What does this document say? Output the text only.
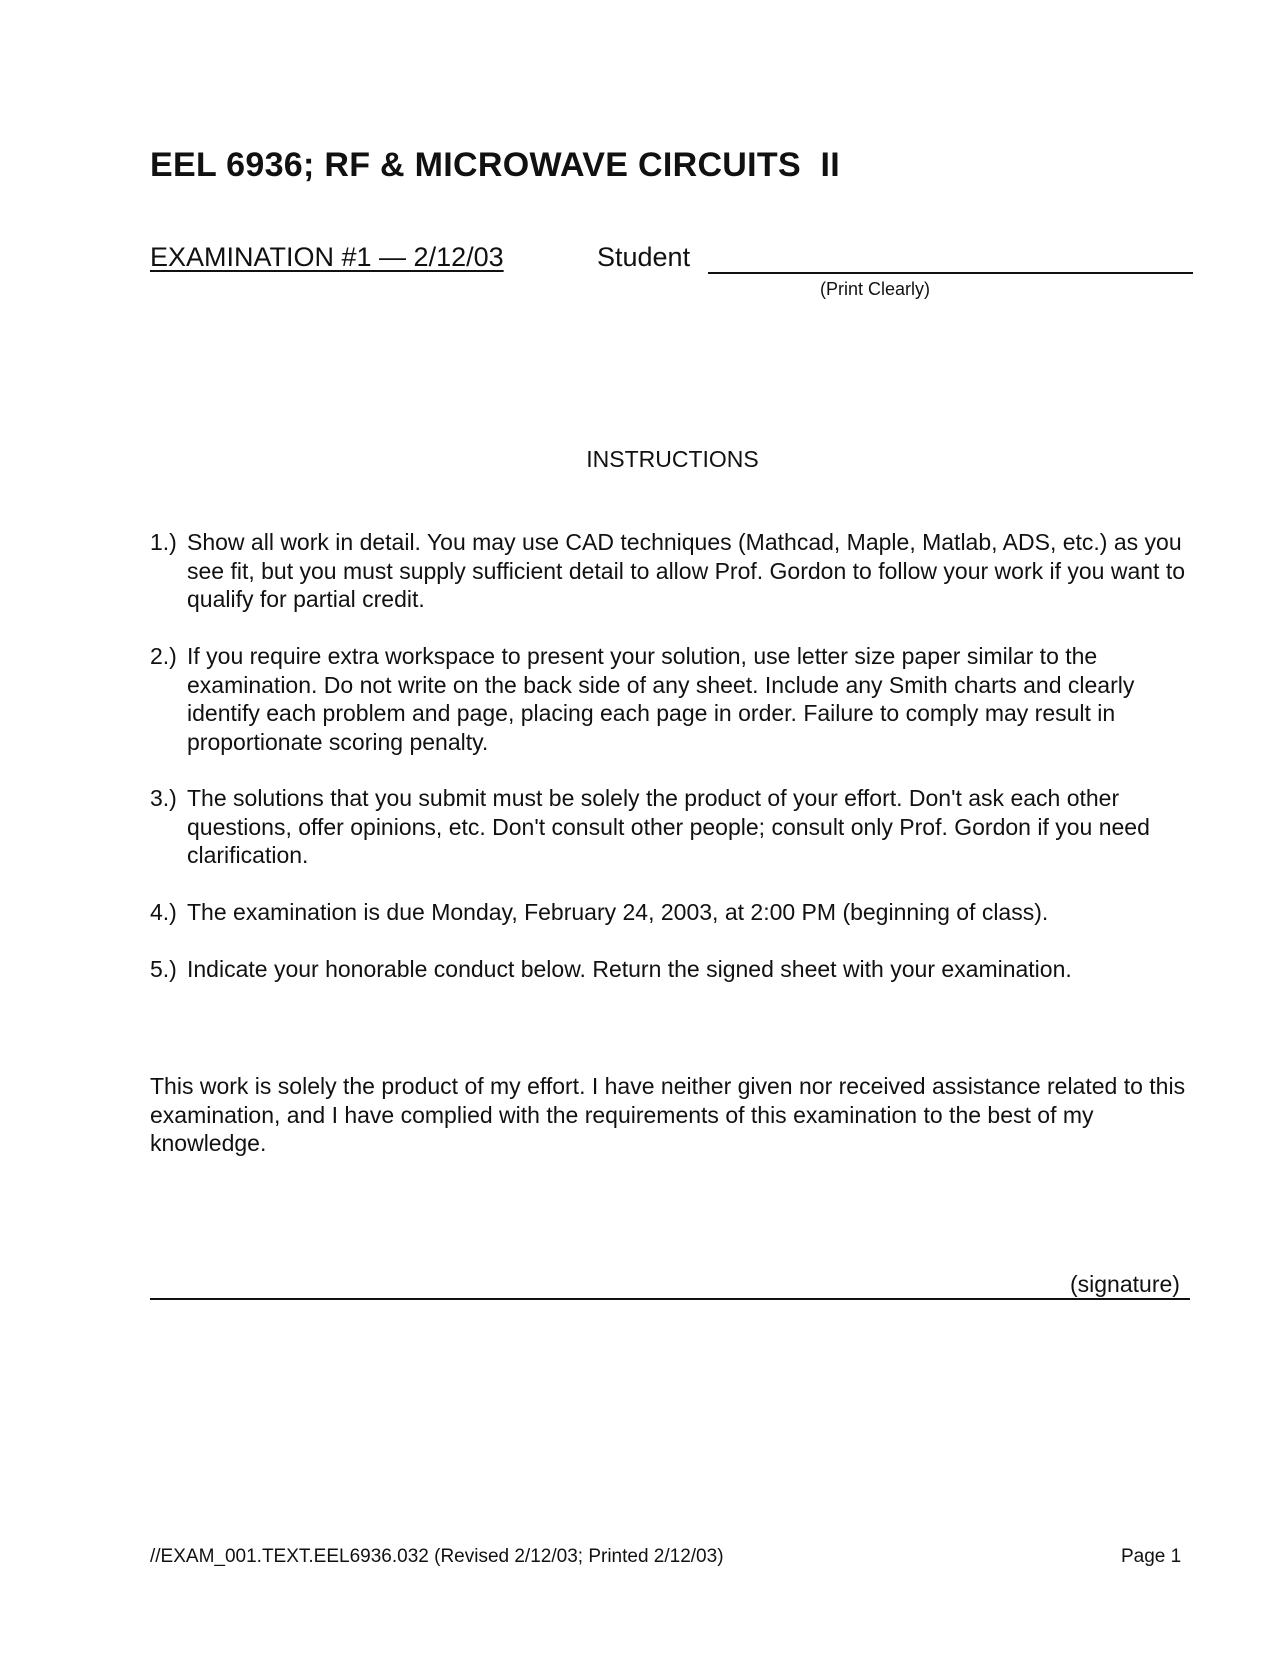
EEL 6936; RF & MICROWAVE CIRCUITS  II
EXAMINATION #1 — 2/12/03	Student
(Print Clearly)
INSTRUCTIONS
1.) Show all work in detail. You may use CAD techniques (Mathcad, Maple, Matlab, ADS, etc.) as you see fit, but you must supply sufficient detail to allow Prof. Gordon to follow your work if you want to qualify for partial credit.
2.) If you require extra workspace to present your solution, use letter size paper similar to the examination. Do not write on the back side of any sheet. Include any Smith charts and clearly identify each problem and page, placing each page in order. Failure to comply may result in proportionate scoring penalty.
3.) The solutions that you submit must be solely the product of your effort. Don't ask each other questions, offer opinions, etc. Don't consult other people; consult only Prof. Gordon if you need clarification.
4.) The examination is due Monday, February 24, 2003, at 2:00 PM (beginning of class).
5.) Indicate your honorable conduct below. Return the signed sheet with your examination.
This work is solely the product of my effort. I have neither given nor received assistance related to this examination, and I have complied with the requirements of this examination to the best of my knowledge.
(signature)
//EXAM_001.TEXT.EEL6936.032 (Revised 2/12/03; Printed 2/12/03)	Page 1
